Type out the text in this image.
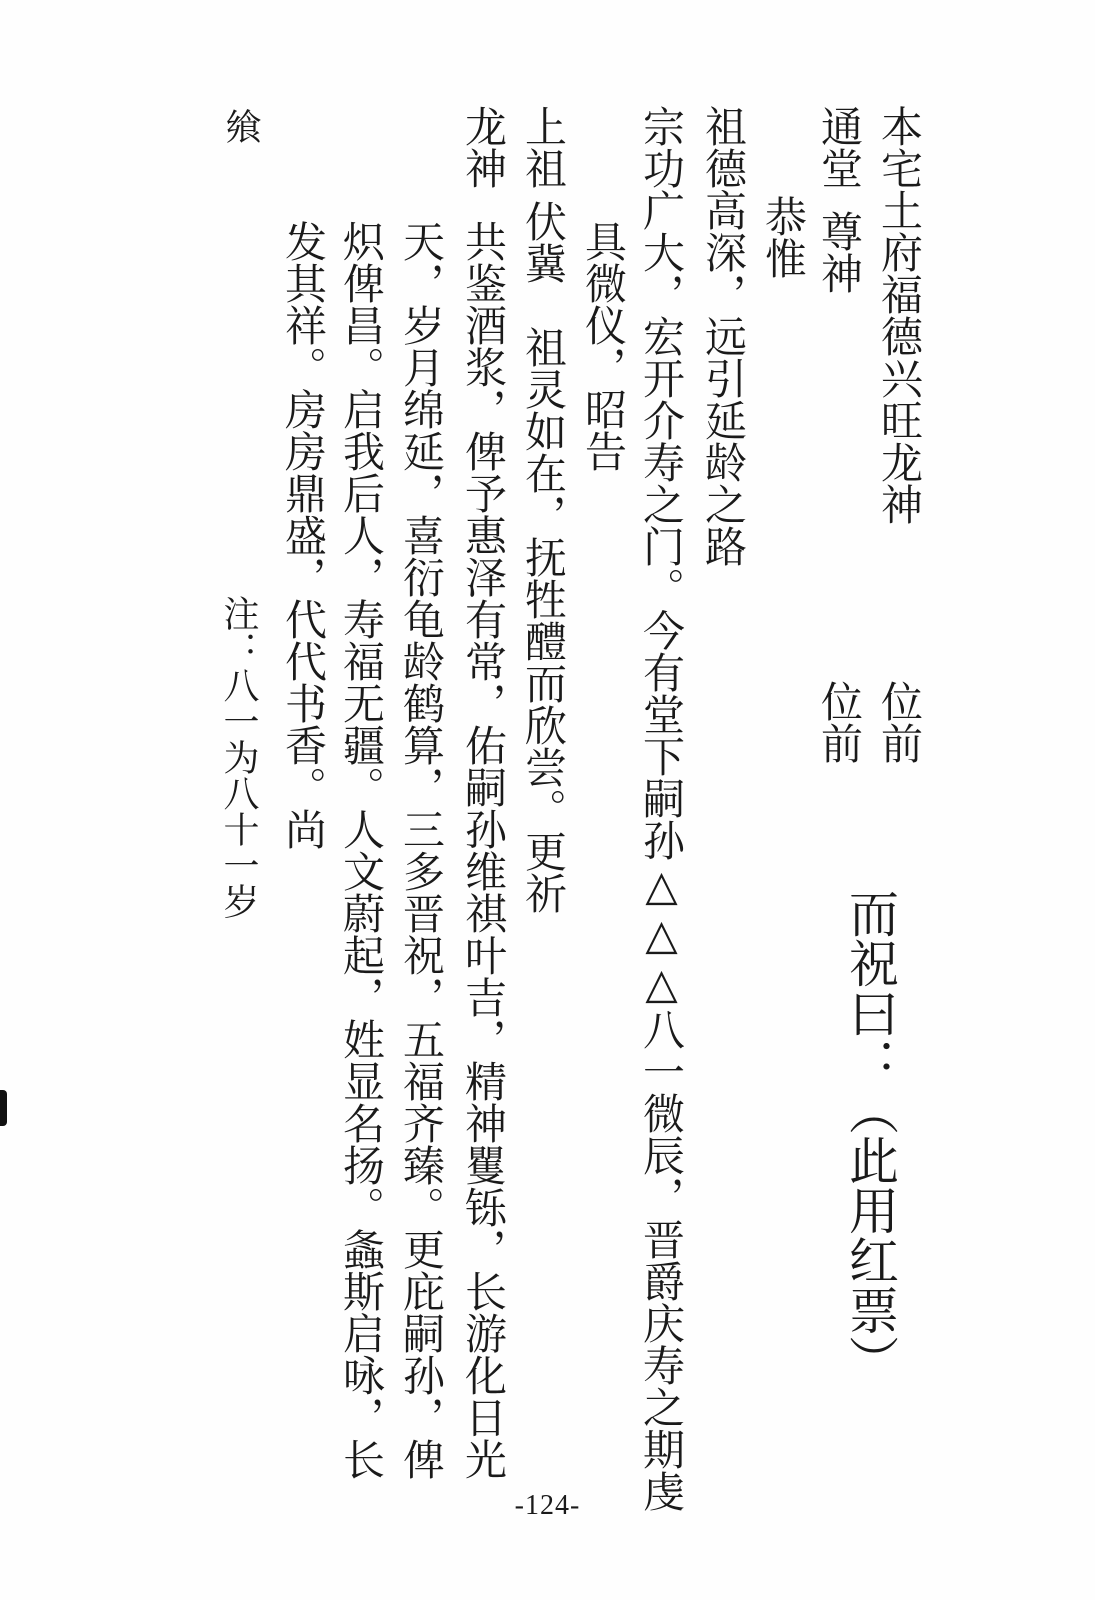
本宅土府福德兴旺龙神
位前
通堂
尊神
位前
而祝曰：
（此用红票）
恭惟
祖德高深，远引延龄之路
宗功广大，宏开介寿之门。今有堂下嗣孙△△△八一微辰，晋爵庆寿之期虔
具微仪，昭告
上祖
伏冀　祖灵如在，抚牲醴而欣尝。更祈
龙神
共鉴酒浆，俾予惠泽有常，佑嗣孙维祺叶吉，精神矍铄，长游化日光
天，岁月绵延，喜衍龟龄鹤算，三多晋祝，五福齐臻。更庇嗣孙，俾
炽俾昌。启我后人，寿福无疆。人文蔚起，姓显名扬。螽斯启咏，长
发其祥。房房鼎盛，代代书香。尚
注：八一为八十一岁
飨
-124-
